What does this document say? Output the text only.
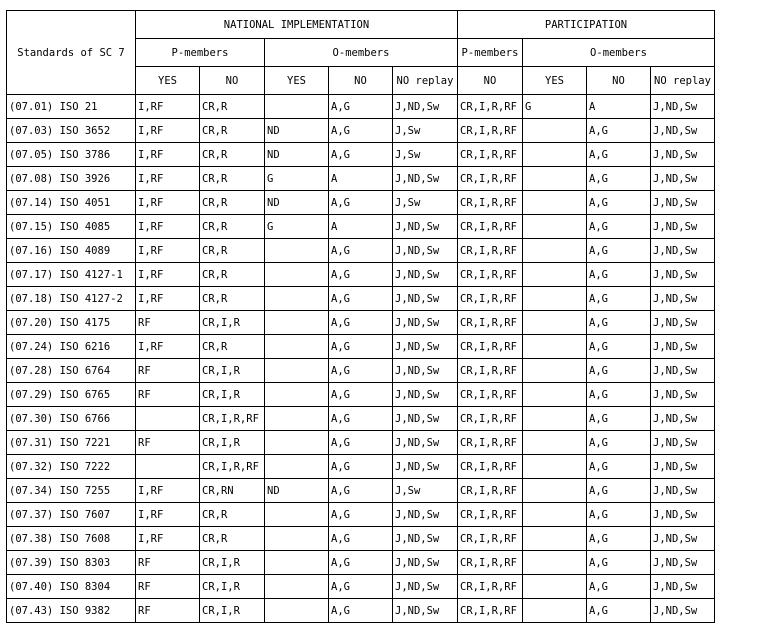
Standards of SC 7	NATIONAL IMPLEMENTATION					PARTICIPATION			
	P-members		O-members			P-members	O-members		
	YES	NO	YES	NO	NO replay	NO	YES	NO	NO replay
(07.01) ISO 21	I,RF	CR,R		A,G	J,ND,Sw	CR,I,R,RF	G	A	J,ND,Sw
(07.03) ISO 3652	I,RF	CR,R	ND	A,G	J,Sw	CR,I,R,RF		A,G	J,ND,Sw
(07.05) ISO 3786	I,RF	CR,R	ND	A,G	J,Sw	CR,I,R,RF		A,G	J,ND,Sw
(07.08) ISO 3926	I,RF	CR,R	G	A	J,ND,Sw	CR,I,R,RF		A,G	J,ND,Sw
(07.14) ISO 4051	I,RF	CR,R	ND	A,G	J,Sw	CR,I,R,RF		A,G	J,ND,Sw
(07.15) ISO 4085	I,RF	CR,R	G	A	J,ND,Sw	CR,I,R,RF		A,G	J,ND,Sw
(07.16) ISO 4089	I,RF	CR,R		A,G	J,ND,Sw	CR,I,R,RF		A,G	J,ND,Sw
(07.17) ISO 4127-1	I,RF	CR,R		A,G	J,ND,Sw	CR,I,R,RF		A,G	J,ND,Sw
(07.18) ISO 4127-2	I,RF	CR,R		A,G	J,ND,Sw	CR,I,R,RF		A,G	J,ND,Sw
(07.20) ISO 4175	RF	CR,I,R		A,G	J,ND,Sw	CR,I,R,RF		A,G	J,ND,Sw
(07.24) ISO 6216	I,RF	CR,R		A,G	J,ND,Sw	CR,I,R,RF		A,G	J,ND,Sw
(07.28) ISO 6764	RF	CR,I,R		A,G	J,ND,Sw	CR,I,R,RF		A,G	J,ND,Sw
(07.29) ISO 6765	RF	CR,I,R		A,G	J,ND,Sw	CR,I,R,RF		A,G	J,ND,Sw
(07.30) ISO 6766		CR,I,R,RF		A,G	J,ND,Sw	CR,I,R,RF		A,G	J,ND,Sw
(07.31) ISO 7221	RF	CR,I,R		A,G	J,ND,Sw	CR,I,R,RF		A,G	J,ND,Sw
(07.32) ISO 7222		CR,I,R,RF		A,G	J,ND,Sw	CR,I,R,RF		A,G	J,ND,Sw
(07.34) ISO 7255	I,RF	CR,RN	ND	A,G	J,Sw	CR,I,R,RF		A,G	J,ND,Sw
(07.37) ISO 7607	I,RF	CR,R		A,G	J,ND,Sw	CR,I,R,RF		A,G	J,ND,Sw
(07.38) ISO 7608	I,RF	CR,R		A,G	J,ND,Sw	CR,I,R,RF		A,G	J,ND,Sw
(07.39) ISO 8303	RF	CR,I,R		A,G	J,ND,Sw	CR,I,R,RF		A,G	J,ND,Sw
(07.40) ISO 8304	RF	CR,I,R		A,G	J,ND,Sw	CR,I,R,RF		A,G	J,ND,Sw
(07.43) ISO 9382	RF	CR,I,R		A,G	J,ND,Sw	CR,I,R,RF		A,G	J,ND,Sw
